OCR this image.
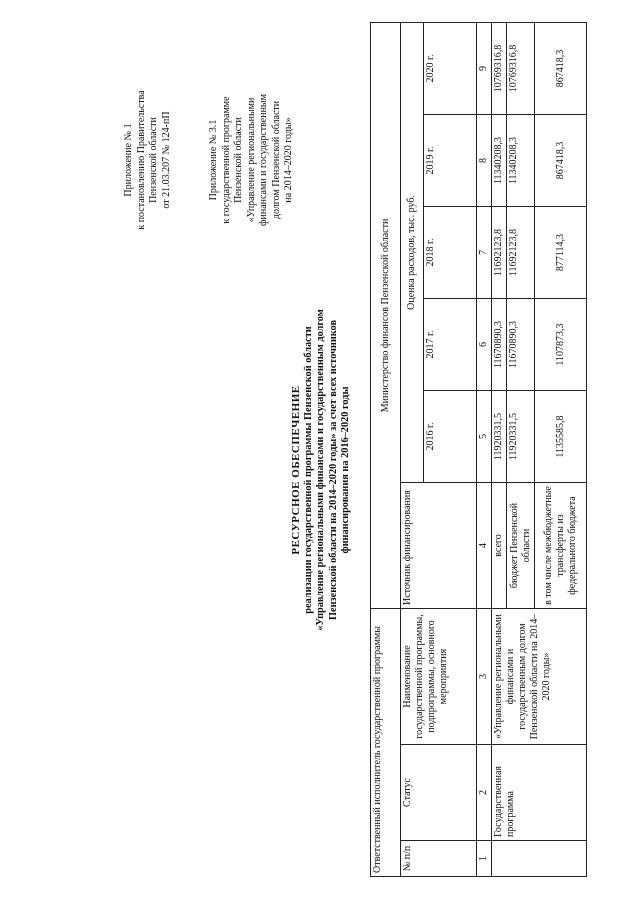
Приложение № 1 к постановлению Правительства Пензенской области от 21.03.207 № 124-пП	Приложение № 3.1 к государственной программе Пензенской области «Управление региональными финансами и государственным долгом Пензенской области на 2014–2020 годы»
РЕСУРСНОЕ ОБЕСПЕЧЕНИЕ реализации государственной программы Пензенской области «Управление региональными финансами и государственным долгом Пензенской области на 2014–2020 годы» за счет всех источников финансирования на 2016–2020 годы
Ответственный исполнитель государственной программы			Министерство финансов Пензенской области					
№ п/п	Статус	Наименование государственной программы, подпрограммы, основного мероприятия	Источник финансирования	Оценка расходов, тыс. руб.				
				2016 г.	2017 г.	2018 г.	2019 г.	2020 г.
1	2	3	4	5	6	7	8	9
	Государственная программа	«Управление региональными финансами и государственным долгом Пензенской области на 2014–2020 годы»	всего	11920331,5	11670890,3	11692123,8	11340208,3	10769316,8
			бюджет Пензенской области	11920331,5	11670890,3	11692123,8	11340208,3	10769316,8
			в том числе межбюджетные трансферты из федерального бюджета	1135585,8	1107873,3	877114,3	867418,3	867418,3
